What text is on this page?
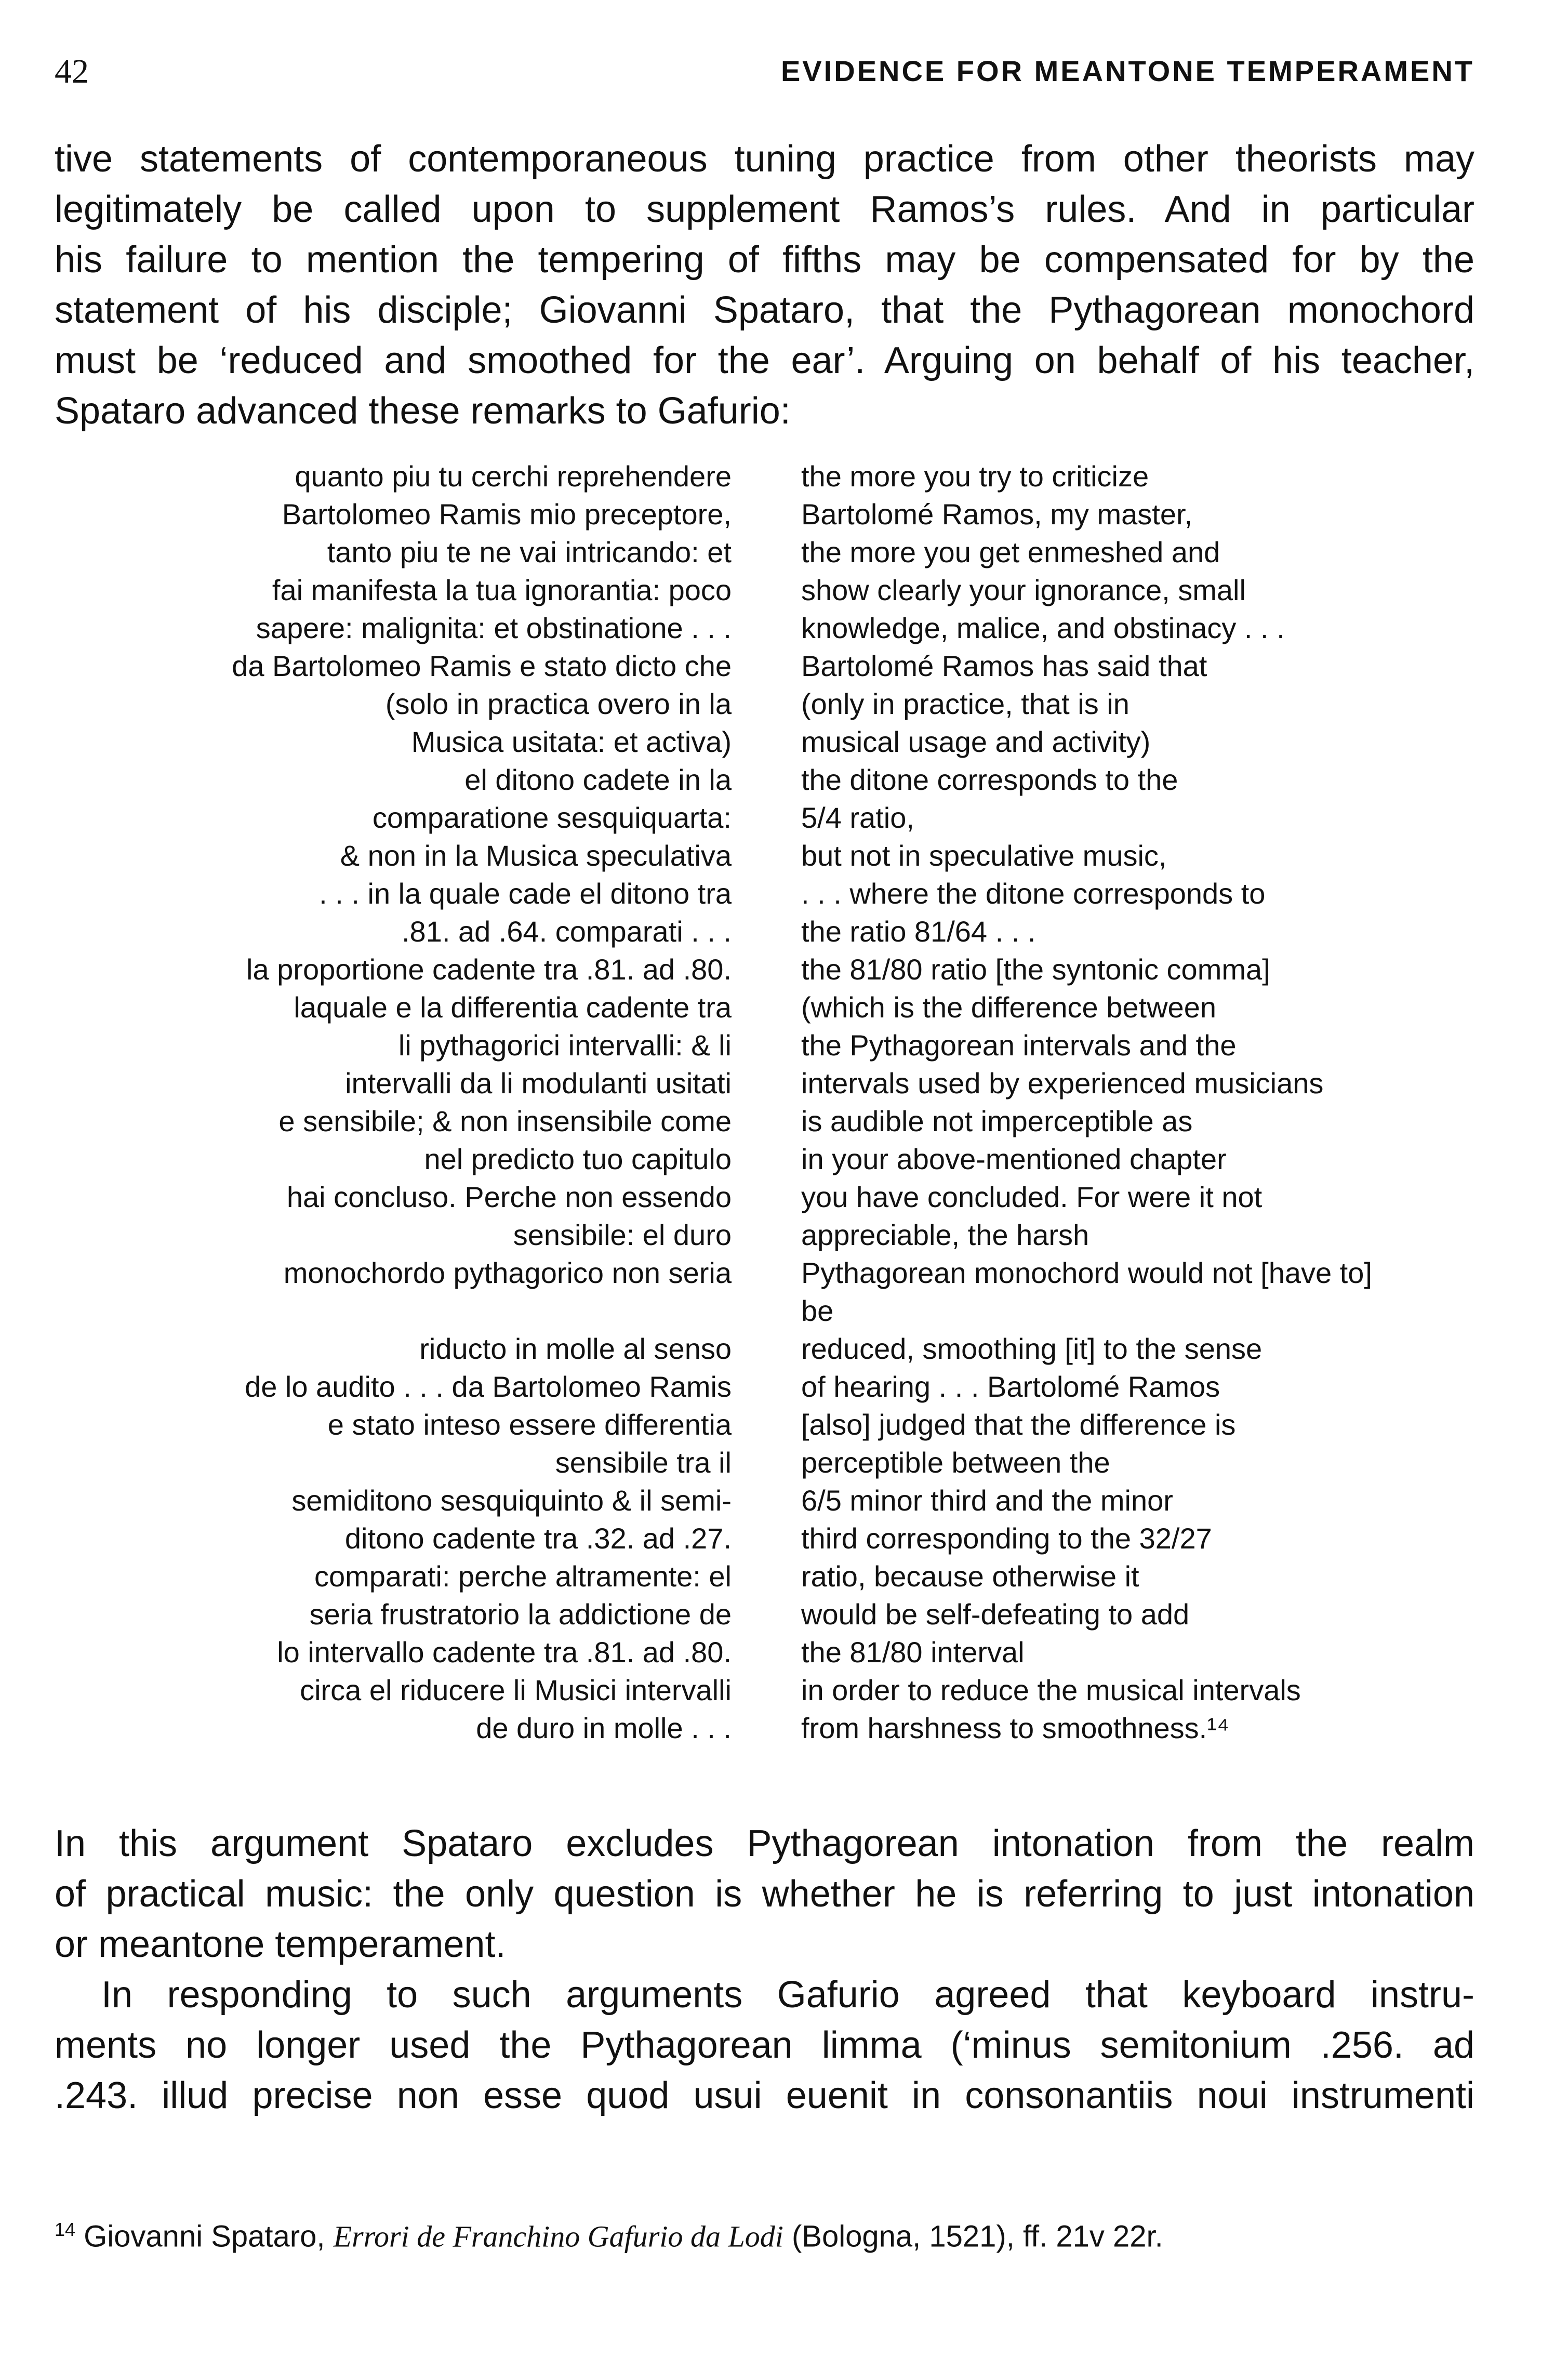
42	EVIDENCE FOR MEANTONE TEMPERAMENT
tive statements of contemporaneous tuning practice from other theorists may
legitimately be called upon to supplement Ramos’s rules. And in particular
his failure to mention the tempering of fifths may be compensated for by the
statement of his disciple; Giovanni Spataro, that the Pythagorean monochord
must be ‘reduced and smoothed for the ear’. Arguing on behalf of his teacher,
Spataro advanced these remarks to Gafurio:
quanto piu tu cerchi reprehendere
Bartolomeo Ramis mio preceptore,
tanto piu te ne vai intricando: et
fai manifesta la tua ignorantia: poco
sapere: malignita: et obstinatione . . .
da Bartolomeo Ramis e stato dicto che
(solo in practica overo in la
Musica usitata: et activa)
el ditono cadete in la
comparatione sesquiquarta:
& non in la Musica speculativa
. . . in la quale cade el ditono tra
.81. ad .64. comparati . . .
la proportione cadente tra .81. ad .80.
laquale e la differentia cadente tra
li pythagorici intervalli: & li
intervalli da li modulanti usitati
e sensibile; & non insensibile come
nel predicto tuo capitulo
hai concluso. Perche non essendo
sensibile: el duro
monochordo pythagorico non seria
riducto in molle al senso
de lo audito . . . da Bartolomeo Ramis
e stato inteso essere differentia
sensibile tra il
semiditono sesquiquinto & il semi-
ditono cadente tra .32. ad .27.
comparati: perche altramente: el
seria frustratorio la addictione de
lo intervallo cadente tra .81. ad .80.
circa el riducere li Musici intervalli
de duro in molle . . .
the more you try to criticize
Bartolomé Ramos, my master,
the more you get enmeshed and
show clearly your ignorance, small
knowledge, malice, and obstinacy . . .
Bartolomé Ramos has said that
(only in practice, that is in
musical usage and activity)
the ditone corresponds to the
5/4 ratio,
but not in speculative music,
. . . where the ditone corresponds to
the ratio 81/64 . . .
the 81/80 ratio [the syntonic comma]
(which is the difference between
the Pythagorean intervals and the
intervals used by experienced musicians
is audible not imperceptible as
in your above-mentioned chapter
you have concluded. For were it not
appreciable, the harsh
Pythagorean monochord would not [have to]
be
reduced, smoothing [it] to the sense
of hearing . . . Bartolomé Ramos
[also] judged that the difference is
perceptible between the
6/5 minor third and the minor
third corresponding to the 32/27
ratio, because otherwise it
would be self-defeating to add
the 81/80 interval
in order to reduce the musical intervals
from harshness to smoothness.¹⁴
In this argument Spataro excludes Pythagorean intonation from the realm
of practical music: the only question is whether he is referring to just intonation
or meantone temperament.
In responding to such arguments Gafurio agreed that keyboard instru-
ments no longer used the Pythagorean limma (‘minus semitonium .256. ad
.243. illud precise non esse quod usui euenit in consonantiis noui instrumenti
$^{14}$ Giovanni Spataro, Errori de Franchino Gafurio da Lodi (Bologna, 1521), ff. 21v 22r.
